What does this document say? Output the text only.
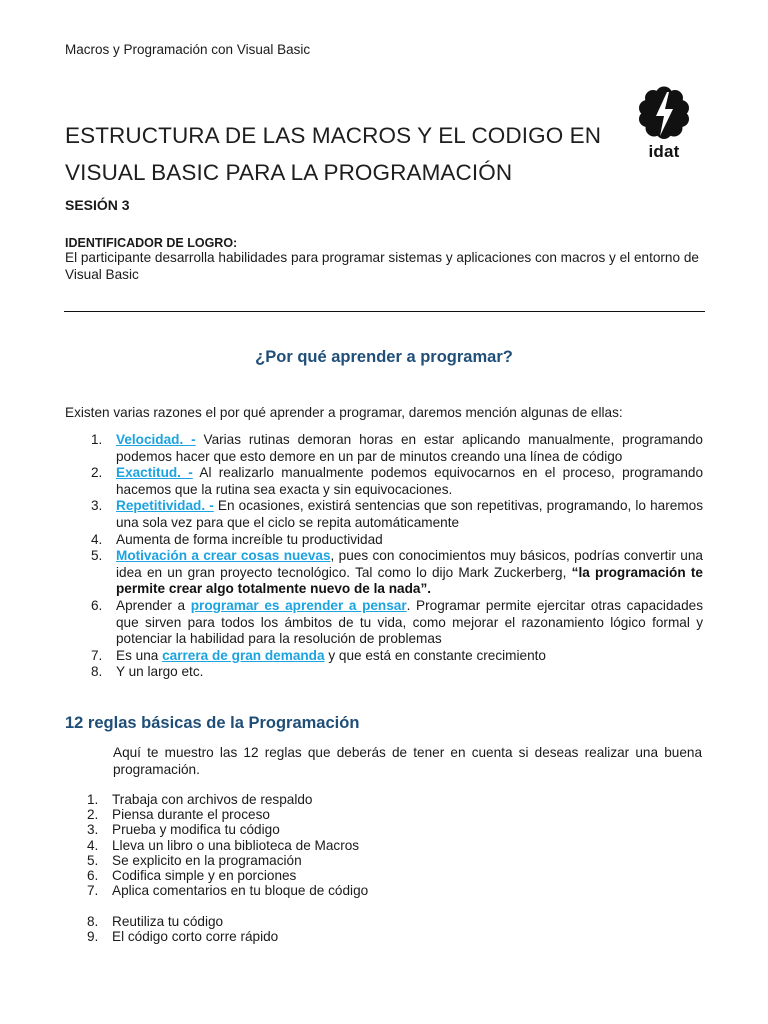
Macros y Programación con Visual Basic
ESTRUCTURA DE LAS MACROS Y EL CODIGO EN
VISUAL BASIC PARA LA PROGRAMACIÓN
idat
SESIÓN 3
IDENTIFICADOR DE LOGRO:
El participante desarrolla habilidades para programar sistemas y aplicaciones con macros y el entorno de Visual Basic
¿Por qué aprender a programar?
Existen varias razones el por qué aprender a programar, daremos mención algunas de ellas:
1. Velocidad. - Varias rutinas demoran horas en estar aplicando manualmente, programando podemos hacer que esto demore en un par de minutos creando una línea de código
2. Exactitud. - Al realizarlo manualmente podemos equivocarnos en el proceso, programando hacemos que la rutina sea exacta y sin equivocaciones.
3. Repetitividad. - En ocasiones, existirá sentencias que son repetitivas, programando, lo haremos una sola vez para que el ciclo se repita automáticamente
4. Aumenta de forma increíble tu productividad
5. Motivación a crear cosas nuevas, pues con conocimientos muy básicos, podrías convertir una idea en un gran proyecto tecnológico. Tal como lo dijo Mark Zuckerberg, “la programación te permite crear algo totalmente nuevo de la nada”.
6. Aprender a programar es aprender a pensar. Programar permite ejercitar otras capacidades que sirven para todos los ámbitos de tu vida, como mejorar el razonamiento lógico formal y potenciar la habilidad para la resolución de problemas
7. Es una carrera de gran demanda y que está en constante crecimiento
8. Y un largo etc.
12 reglas básicas de la Programación
Aquí te muestro las 12 reglas que deberás de tener en cuenta si deseas realizar una buena programación.
1. Trabaja con archivos de respaldo
2. Piensa durante el proceso
3. Prueba y modifica tu código
4. Lleva un libro o una biblioteca de Macros
5. Se explicito en la programación
6. Codifica simple y en porciones
7. Aplica comentarios en tu bloque de código
8. Reutiliza tu código
9. El código corto corre rápido
